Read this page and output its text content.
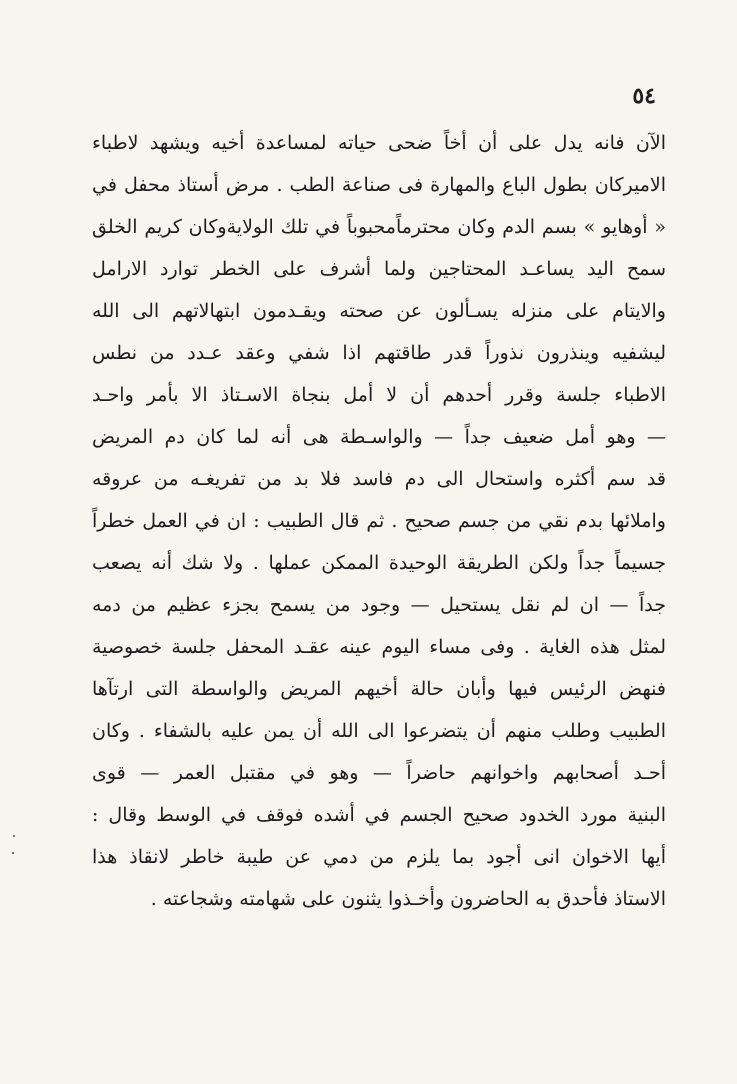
٥٤
الآن فانه يدل على أن أخاً ضحى حياته لمساعدة أخيه ويشهد لاطباء
الاميركان بطول الباع والمهارة فى صناعة الطب . مرض أستاذ محفل في
« أوهايو » بسم الدم وكان محترماًمحبوباً في تلك الولايةوكان كريم الخلق
سمح اليد يساعـد المحتاجين ولما أشرف على الخطر توارد الارامل
والايتام على منزله يسـألون عن صحته ويقـدمون ابتهالاتهم الى الله
ليشفيه وينذرون نذوراً قدر طاقتهم اذا شفي وعقد عـدد من نطس
الاطباء جلسة وقرر أحدهم أن لا أمل بنجاة الاسـتاذ الا بأمر واحـد
— وهو أمل ضعيف جداً — والواسـطة هى أنه لما كان دم المريض
قد سم أكثره واستحال الى دم فاسد فلا بد من تفريغـه من عروقه
واملائها بدم نقي من جسم صحيح . ثم قال الطبيب : ان في العمل خطراً
جسيماً جداً ولكن الطريقة الوحيدة الممكن عملها . ولا شك أنه يصعب
جداً — ان لم نقل يستحيل — وجود من يسمح بجزء عظيم من دمه
لمثل هذه الغاية . وفى مساء اليوم عينه عقـد المحفل جلسة خصوصية
فنهض الرئيس فيها وأبان حالة أخيهم المريض والواسطة التى ارتآها
الطبيب وطلب منهم أن يتضرعوا الى الله أن يمن عليه بالشفاء . وكان
أحـد أصحابهم واخوانهم حاضراً — وهو في مقتبل العمر — قوى
البنية مورد الخدود صحيح الجسم في أشده فوقف في الوسط وقال :
أيها الاخوان انى أجود بما يلزم من دمي عن طيبة خاطر لانقاذ هذا
الاستاذ فأحدق به الحاضرون وأخـذوا يثنون على شهامته وشجاعته .
